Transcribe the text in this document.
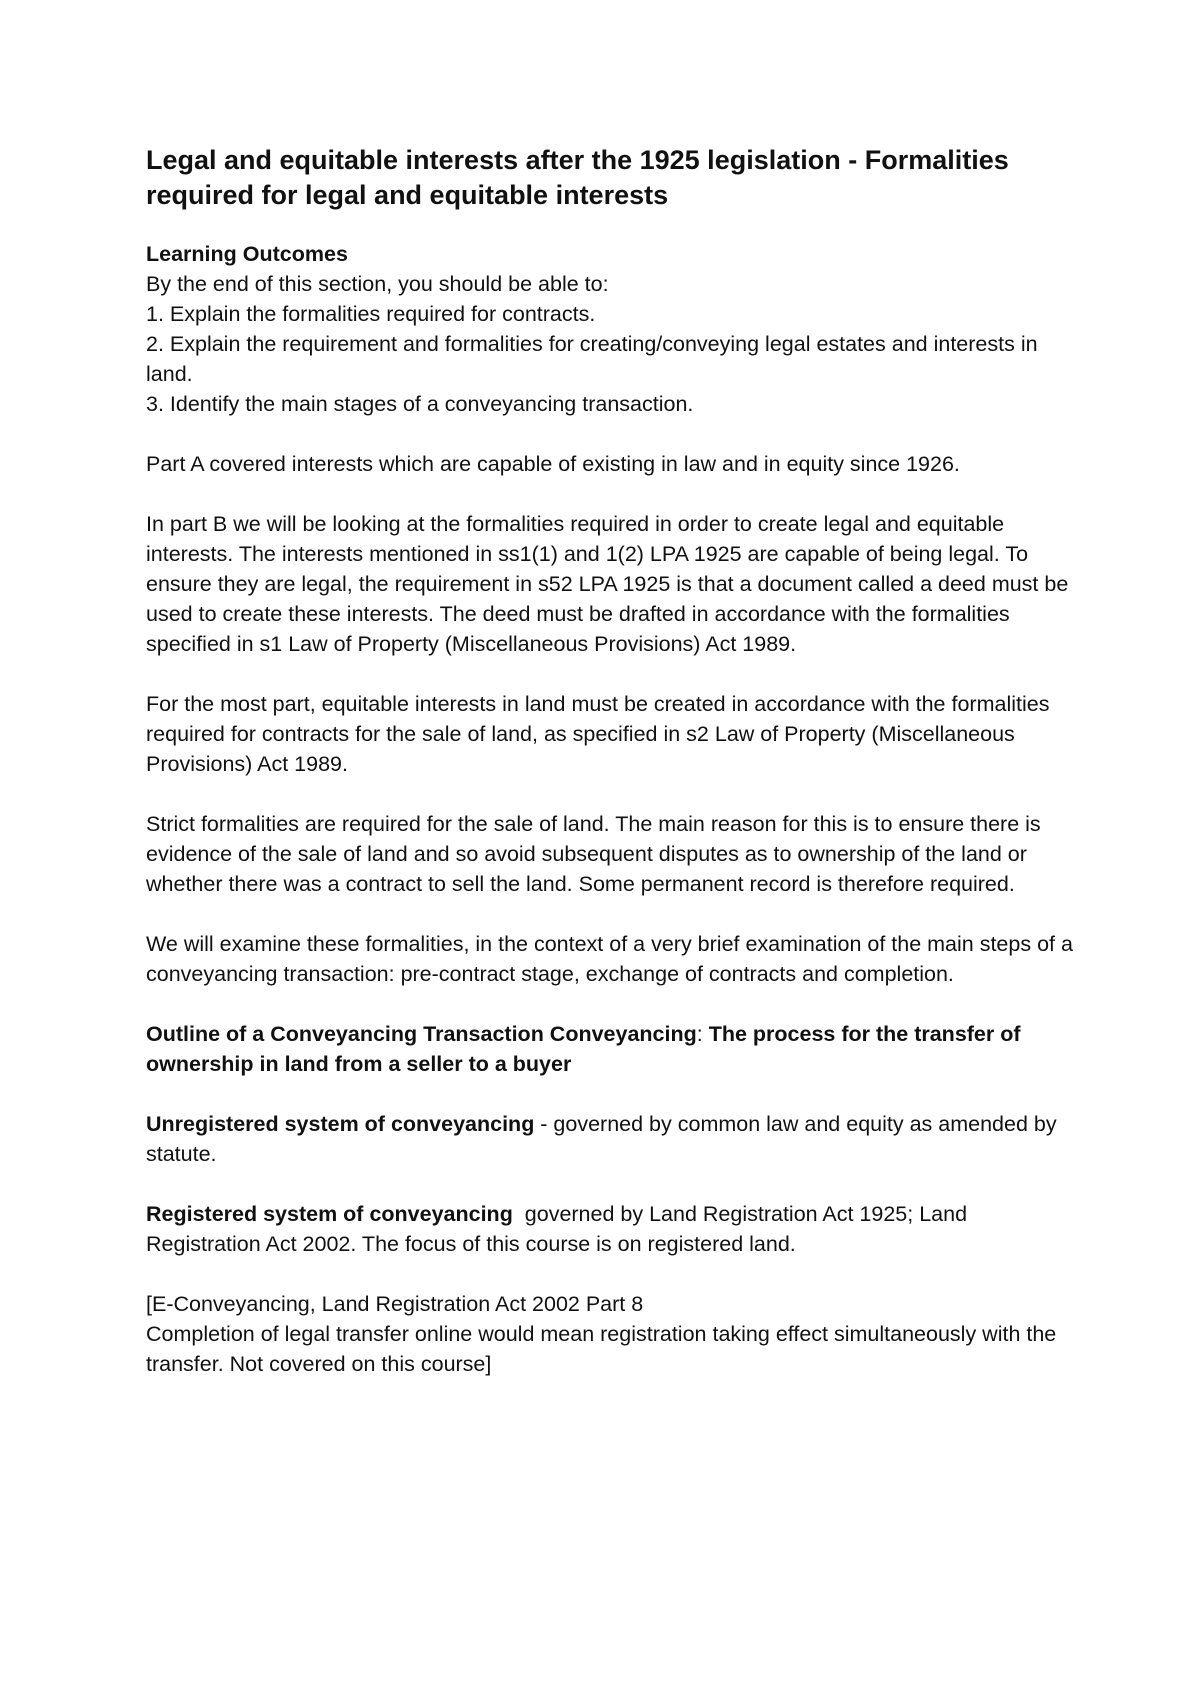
Legal and equitable interests after the 1925 legislation - Formalities required for legal and equitable interests
Learning Outcomes
By the end of this section, you should be able to:
1. Explain the formalities required for contracts.
2. Explain the requirement and formalities for creating/conveying legal estates and interests in land.
3. Identify the main stages of a conveyancing transaction.

Part A covered interests which are capable of existing in law and in equity since 1926.

In part B we will be looking at the formalities required in order to create legal and equitable interests. The interests mentioned in ss1(1) and 1(2) LPA 1925 are capable of being legal. To ensure they are legal, the requirement in s52 LPA 1925 is that a document called a deed must be used to create these interests. The deed must be drafted in accordance with the formalities specified in s1 Law of Property (Miscellaneous Provisions) Act 1989.

For the most part, equitable interests in land must be created in accordance with the formalities required for contracts for the sale of land, as specified in s2 Law of Property (Miscellaneous Provisions) Act 1989.

Strict formalities are required for the sale of land. The main reason for this is to ensure there is evidence of the sale of land and so avoid subsequent disputes as to ownership of the land or whether there was a contract to sell the land. Some permanent record is therefore required.

We will examine these formalities, in the context of a very brief examination of the main steps of a conveyancing transaction: pre-contract stage, exchange of contracts and completion.

Outline of a Conveyancing Transaction Conveyancing: The process for the transfer of ownership in land from a seller to a buyer

Unregistered system of conveyancing - governed by common law and equity as amended by statute.

Registered system of conveyancing  governed by Land Registration Act 1925; Land Registration Act 2002. The focus of this course is on registered land.

[E-Conveyancing, Land Registration Act 2002 Part 8
Completion of legal transfer online would mean registration taking effect simultaneously with the transfer. Not covered on this course]
